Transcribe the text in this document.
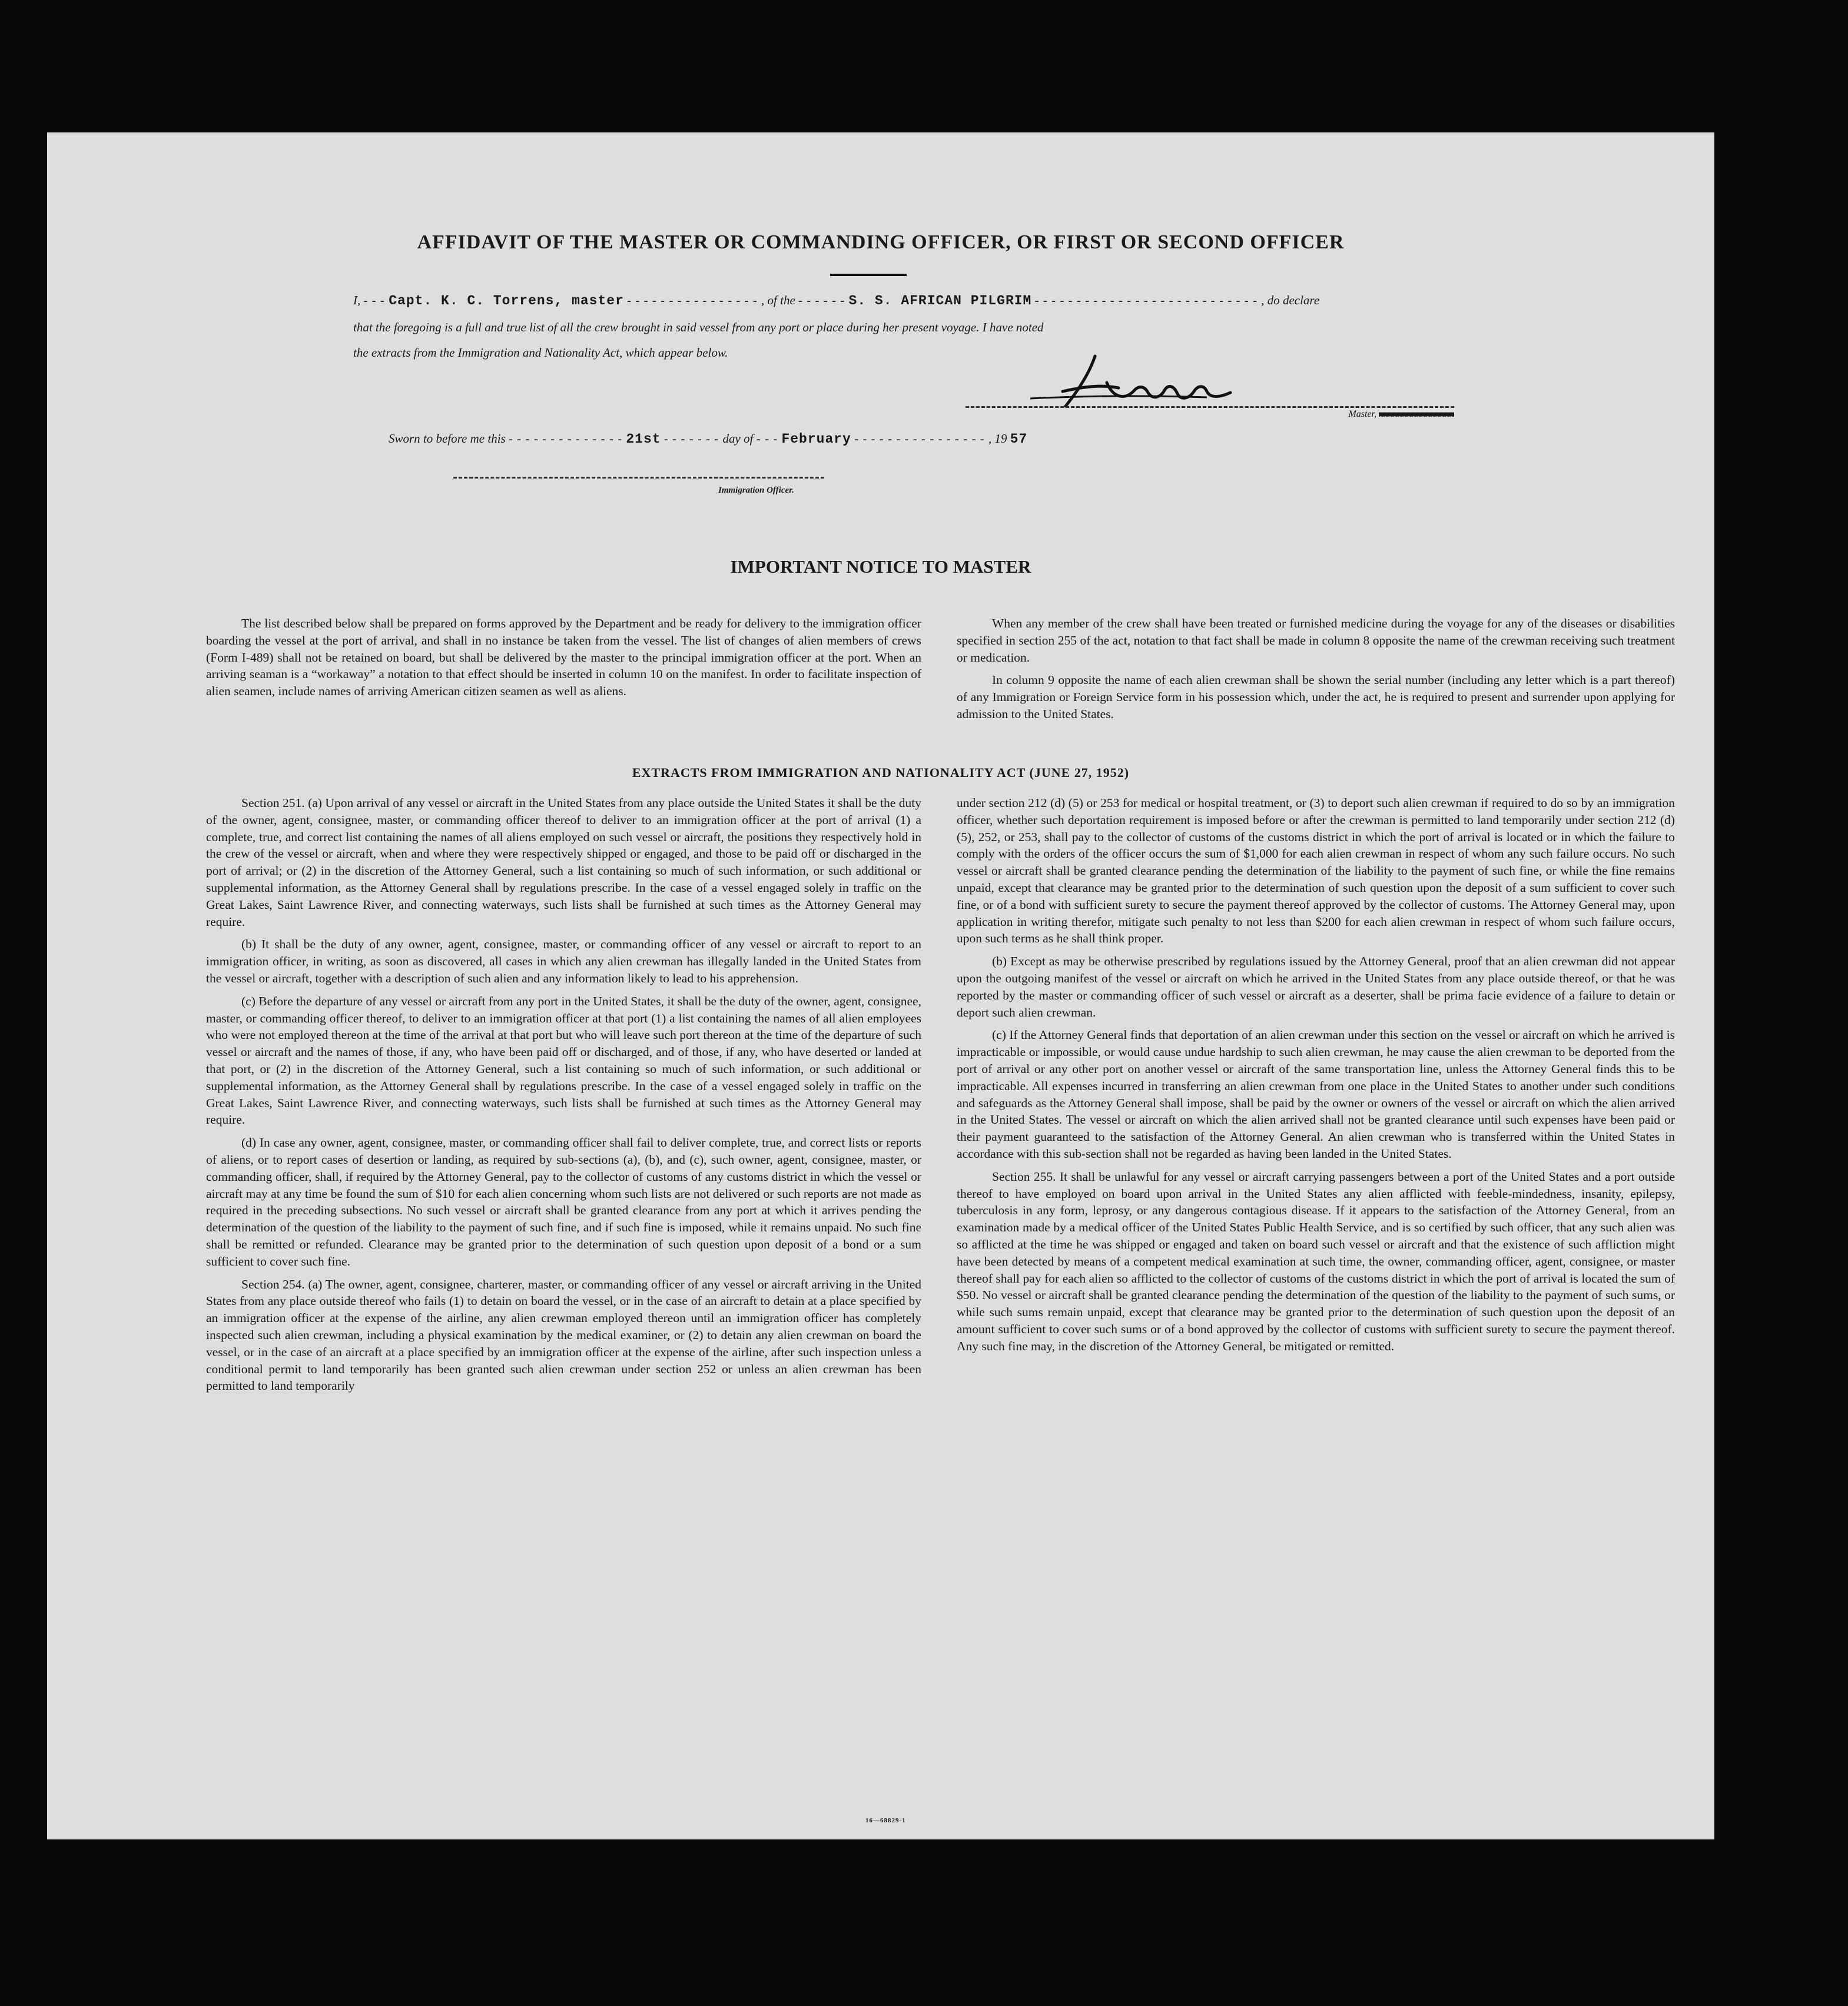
AFFIDAVIT OF THE MASTER OR COMMANDING OFFICER, OR FIRST OR SECOND OFFICER
I, - - - Capt. K. C. Torrens, master - - - - - - - - - - - - - - - - , of the - - - - - - S. S. AFRICAN PILGRIM - - - - - - - - - - - - - - - - - - - - - - - - - - - , do declare
that the foregoing is a full and true list of all the crew brought in said vessel from any port or place during her present voyage. I have noted
the extracts from the Immigration and Nationality Act, which appear below.
Master, xxxxxxxxxxxxxxxx
Sworn to before me this - - - - - - - - - - - - - - 21st - - - - - - - day of - - - February - - - - - - - - - - - - - - - - , 19 57
Immigration Officer.
IMPORTANT NOTICE TO MASTER

The list described below shall be prepared on forms approved by the Department and be ready for delivery to the immigration officer boarding the vessel at the port of arrival, and shall in no instance be taken from the vessel. The list of changes of alien members of crews (Form I-489) shall not be retained on board, but shall be delivered by the master to the principal immigration officer at the port. When an arriving seaman is a “workaway” a notation to that effect should be inserted in column 10 on the manifest. In order to facilitate inspection of alien seamen, include names of arriving American citizen seamen as well as aliens.

When any member of the crew shall have been treated or furnished medicine during the voyage for any of the diseases or disabilities specified in section 255 of the act, notation to that fact shall be made in column 8 opposite the name of the crewman receiving such treatment or medication.

In column 9 opposite the name of each alien crewman shall be shown the serial number (including any letter which is a part thereof) of any Immigration or Foreign Service form in his possession which, under the act, he is required to present and surrender upon applying for admission to the United States.

EXTRACTS FROM IMMIGRATION AND NATIONALITY ACT (JUNE 27, 1952)

Section 251. (a) Upon arrival of any vessel or aircraft in the United States from any place outside the United States it shall be the duty of the owner, agent, consignee, master, or commanding officer thereof to deliver to an immigration officer at the port of arrival (1) a complete, true, and correct list containing the names of all aliens employed on such vessel or aircraft, the positions they respectively hold in the crew of the vessel or aircraft, when and where they were respectively shipped or engaged, and those to be paid off or discharged in the port of arrival; or (2) in the discretion of the Attorney General, such a list containing so much of such information, or such additional or supplemental information, as the Attorney General shall by regulations prescribe. In the case of a vessel engaged solely in traffic on the Great Lakes, Saint Lawrence River, and connecting waterways, such lists shall be furnished at such times as the Attorney General may require.

(b) It shall be the duty of any owner, agent, consignee, master, or commanding officer of any vessel or aircraft to report to an immigration officer, in writing, as soon as discovered, all cases in which any alien crewman has illegally landed in the United States from the vessel or aircraft, together with a description of such alien and any information likely to lead to his apprehension.

(c) Before the departure of any vessel or aircraft from any port in the United States, it shall be the duty of the owner, agent, consignee, master, or commanding officer thereof, to deliver to an immigration officer at that port (1) a list containing the names of all alien employees who were not employed thereon at the time of the arrival at that port but who will leave such port thereon at the time of the departure of such vessel or aircraft and the names of those, if any, who have been paid off or discharged, and of those, if any, who have deserted or landed at that port, or (2) in the discretion of the Attorney General, such a list containing so much of such information, or such additional or supplemental information, as the Attorney General shall by regulations prescribe. In the case of a vessel engaged solely in traffic on the Great Lakes, Saint Lawrence River, and connecting waterways, such lists shall be furnished at such times as the Attorney General may require.

(d) In case any owner, agent, consignee, master, or commanding officer shall fail to deliver complete, true, and correct lists or reports of aliens, or to report cases of desertion or landing, as required by sub-sections (a), (b), and (c), such owner, agent, consignee, master, or commanding officer, shall, if required by the Attorney General, pay to the collector of customs of any customs district in which the vessel or aircraft may at any time be found the sum of $10 for each alien concerning whom such lists are not delivered or such reports are not made as required in the preceding subsections. No such vessel or aircraft shall be granted clearance from any port at which it arrives pending the determination of the question of the liability to the payment of such fine, and if such fine is imposed, while it remains unpaid. No such fine shall be remitted or refunded. Clearance may be granted prior to the determination of such question upon deposit of a bond or a sum sufficient to cover such fine.

Section 254. (a) The owner, agent, consignee, charterer, master, or commanding officer of any vessel or aircraft arriving in the United States from any place outside thereof who fails (1) to detain on board the vessel, or in the case of an aircraft to detain at a place specified by an immigration officer at the expense of the airline, any alien crewman employed thereon until an immigration officer has completely inspected such alien crewman, including a physical examination by the medical examiner, or (2) to detain any alien crewman on board the vessel, or in the case of an aircraft at a place specified by an immigration officer at the expense of the airline, after such inspection unless a conditional permit to land temporarily has been granted such alien crewman under section 252 or unless an alien crewman has been permitted to land temporarily

under section 212 (d) (5) or 253 for medical or hospital treatment, or (3) to deport such alien crewman if required to do so by an immigration officer, whether such deportation requirement is imposed before or after the crewman is permitted to land temporarily under section 212 (d) (5), 252, or 253, shall pay to the collector of customs of the customs district in which the port of arrival is located or in which the failure to comply with the orders of the officer occurs the sum of $1,000 for each alien crewman in respect of whom any such failure occurs. No such vessel or aircraft shall be granted clearance pending the determination of the liability to the payment of such fine, or while the fine remains unpaid, except that clearance may be granted prior to the determination of such question upon the deposit of a sum sufficient to cover such fine, or of a bond with sufficient surety to secure the payment thereof approved by the collector of customs. The Attorney General may, upon application in writing therefor, mitigate such penalty to not less than $200 for each alien crewman in respect of whom such failure occurs, upon such terms as he shall think proper.

(b) Except as may be otherwise prescribed by regulations issued by the Attorney General, proof that an alien crewman did not appear upon the outgoing manifest of the vessel or aircraft on which he arrived in the United States from any place outside thereof, or that he was reported by the master or commanding officer of such vessel or aircraft as a deserter, shall be prima facie evidence of a failure to detain or deport such alien crewman.

(c) If the Attorney General finds that deportation of an alien crewman under this section on the vessel or aircraft on which he arrived is impracticable or impossible, or would cause undue hardship to such alien crewman, he may cause the alien crewman to be deported from the port of arrival or any other port on another vessel or aircraft of the same transportation line, unless the Attorney General finds this to be impracticable. All expenses incurred in transferring an alien crewman from one place in the United States to another under such conditions and safeguards as the Attorney General shall impose, shall be paid by the owner or owners of the vessel or aircraft on which the alien arrived in the United States. The vessel or aircraft on which the alien arrived shall not be granted clearance until such expenses have been paid or their payment guaranteed to the satisfaction of the Attorney General. An alien crewman who is transferred within the United States in accordance with this sub-section shall not be regarded as having been landed in the United States.

Section 255. It shall be unlawful for any vessel or aircraft carrying passengers between a port of the United States and a port outside thereof to have employed on board upon arrival in the United States any alien afflicted with feeble-mindedness, insanity, epilepsy, tuberculosis in any form, leprosy, or any dangerous contagious disease. If it appears to the satisfaction of the Attorney General, from an examination made by a medical officer of the United States Public Health Service, and is so certified by such officer, that any such alien was so afflicted at the time he was shipped or engaged and taken on board such vessel or aircraft and that the existence of such affliction might have been detected by means of a competent medical examination at such time, the owner, commanding officer, agent, consignee, or master thereof shall pay for each alien so afflicted to the collector of customs of the customs district in which the port of arrival is located the sum of $50. No vessel or aircraft shall be granted clearance pending the determination of the question of the liability to the payment of such sums, or while such sums remain unpaid, except that clearance may be granted prior to the determination of such question upon the deposit of an amount sufficient to cover such sums or of a bond approved by the collector of customs with sufficient surety to secure the payment thereof. Any such fine may, in the discretion of the Attorney General, be mitigated or remitted.

16—68829-1
